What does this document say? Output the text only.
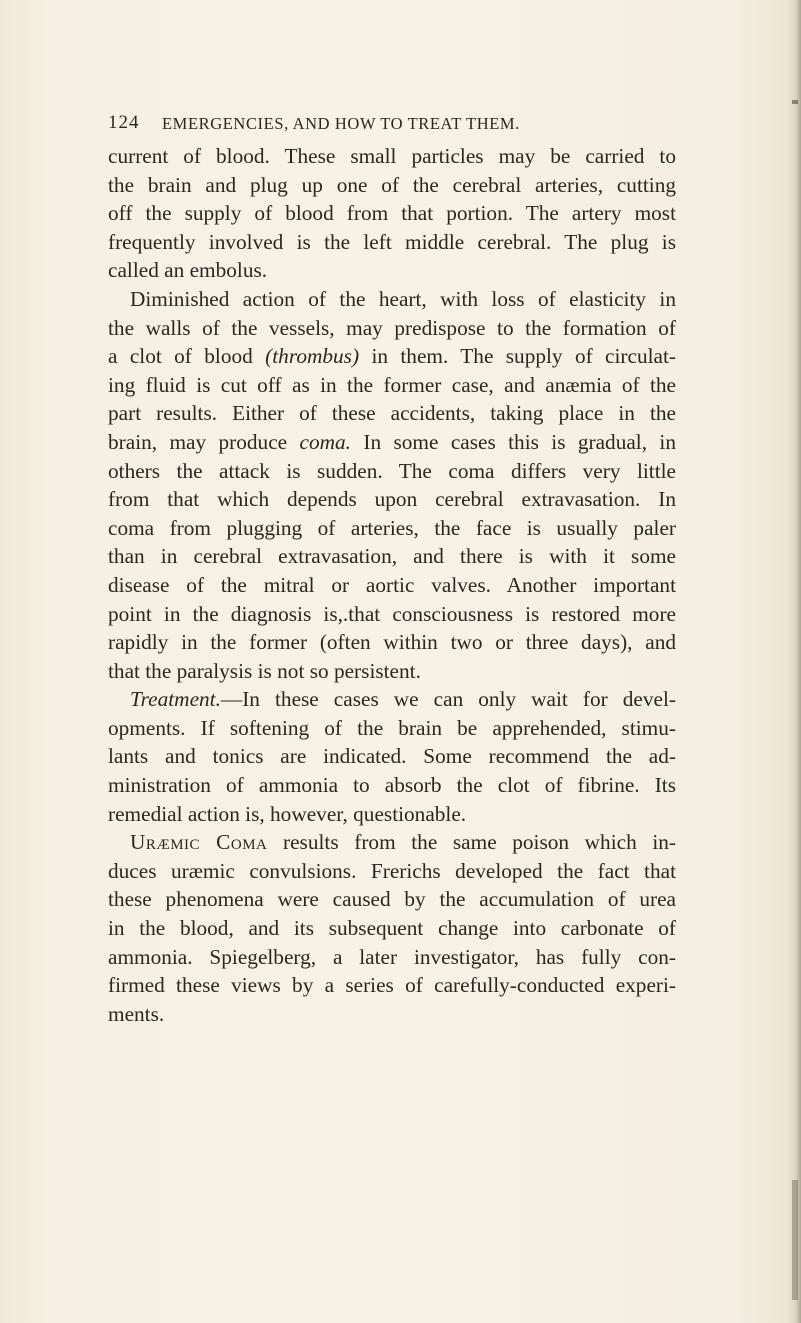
124 EMERGENCIES, AND HOW TO TREAT THEM.
current of blood. These small particles may be carried to
the brain and plug up one of the cerebral arteries, cutting
off the supply of blood from that portion. The artery most
frequently involved is the left middle cerebral. The plug is
called an embolus.
Diminished action of the heart, with loss of elasticity in
the walls of the vessels, may predispose to the formation of
a clot of blood (thrombus) in them. The supply of circulat-
ing fluid is cut off as in the former case, and anæmia of the
part results. Either of these accidents, taking place in the
brain, may produce coma. In some cases this is gradual, in
others the attack is sudden. The coma differs very little
from that which depends upon cerebral extravasation. In
coma from plugging of arteries, the face is usually paler
than in cerebral extravasation, and there is with it some
disease of the mitral or aortic valves. Another important
point in the diagnosis is,.that consciousness is restored more
rapidly in the former (often within two or three days), and
that the paralysis is not so persistent.
Treatment.—In these cases we can only wait for devel-
opments. If softening of the brain be apprehended, stimu-
lants and tonics are indicated. Some recommend the ad-
ministration of ammonia to absorb the clot of fibrine. Its
remedial action is, however, questionable.
Uræmic Coma results from the same poison which in-
duces uræmic convulsions. Frerichs developed the fact that
these phenomena were caused by the accumulation of urea
in the blood, and its subsequent change into carbonate of
ammonia. Spiegelberg, a later investigator, has fully con-
firmed these views by a series of carefully-conducted experi-
ments.
